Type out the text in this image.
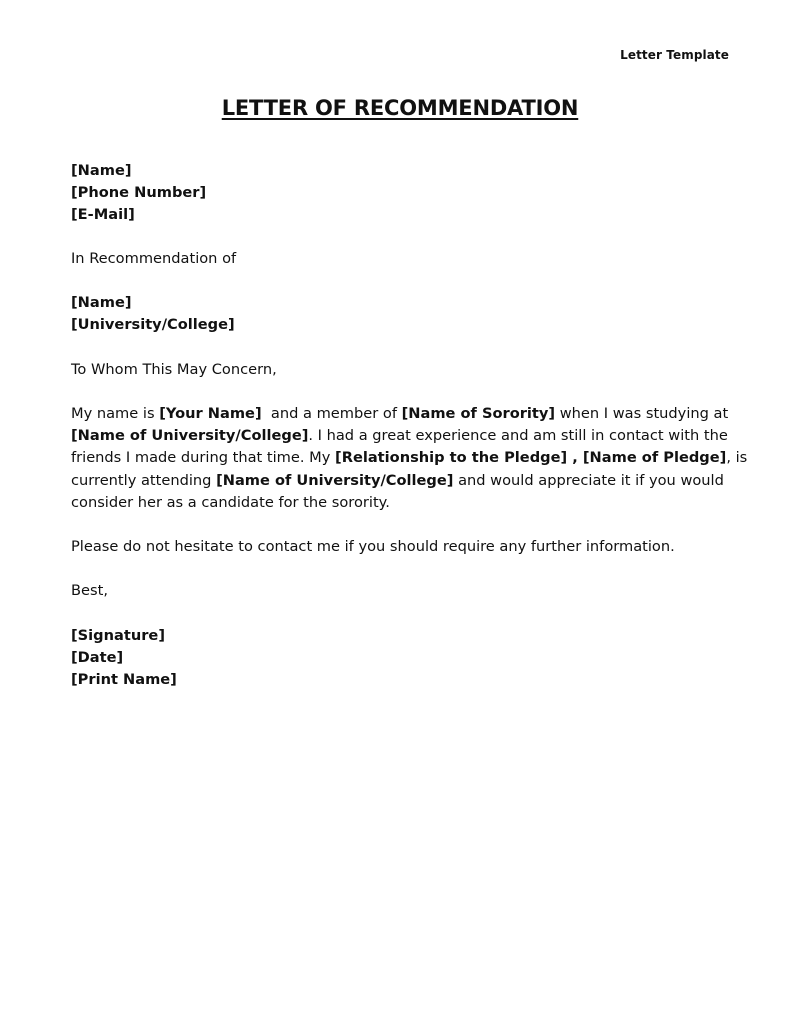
Letter Template
LETTER OF RECOMMENDATION
[Name]
[Phone Number]
[E-Mail]
In Recommendation of
[Name]
[University/College]
To Whom This May Concern,
My name is [Your Name]  and a member of [Name of Sorority] when I was studying at
[Name of University/College]. I had a great experience and am still in contact with the
friends I made during that time. My [Relationship to the Pledge] , [Name of Pledge], is
currently attending [Name of University/College] and would appreciate it if you would
consider her as a candidate for the sorority.
Please do not hesitate to contact me if you should require any further information.
Best,
[Signature]
[Date]
[Print Name]
